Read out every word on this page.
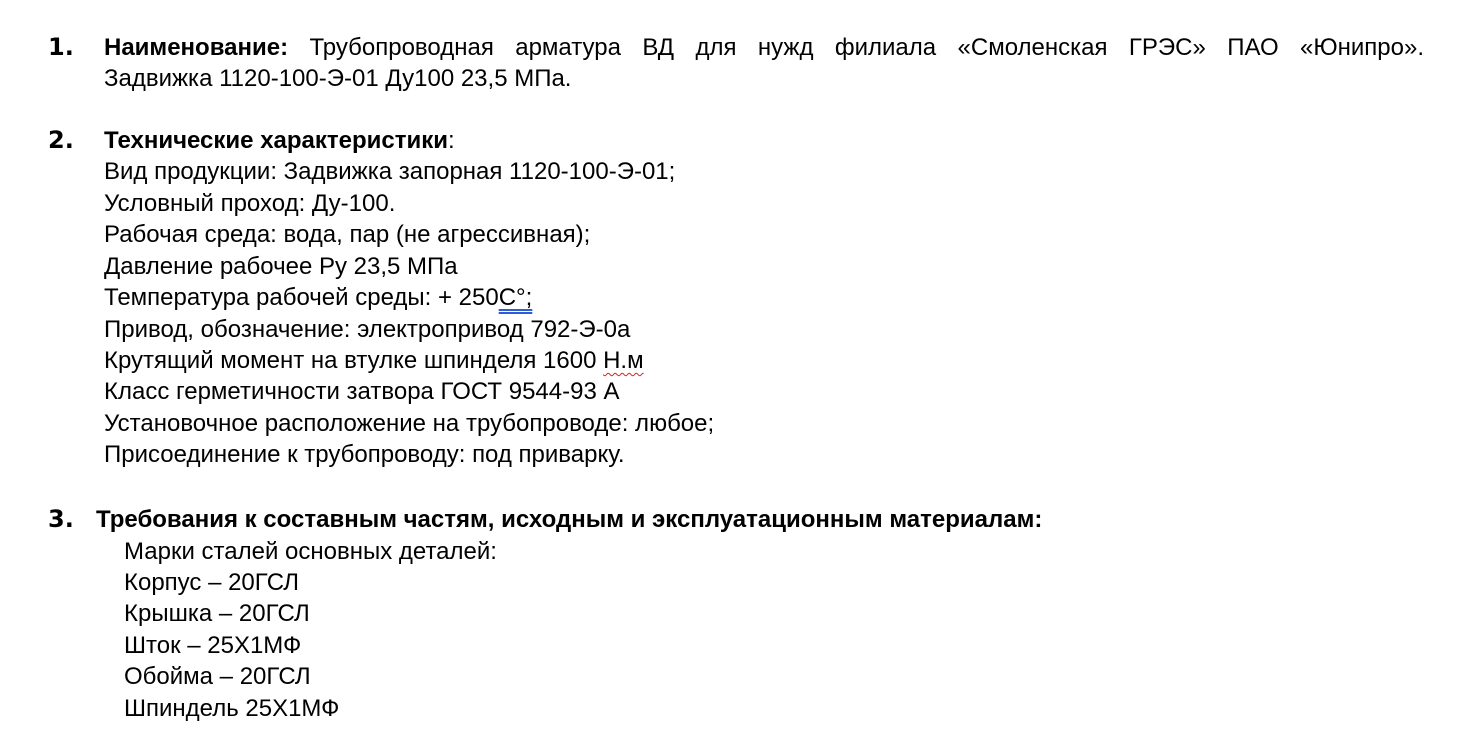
1. Наименование: Трубопроводная арматура ВД для нужд филиала «Смоленская ГРЭС» ПАО «Юнипро».
Задвижка 1120-100-Э-01 Ду100 23,5 МПа.
2. Технические характеристики:
Вид продукции: Задвижка запорная 1120-100-Э-01;
Условный проход: Ду-100.
Рабочая среда: вода, пар (не агрессивная);
Давление рабочее Ру 23,5 МПа
Температура рабочей среды: + 250С°;
Привод, обозначение: электропривод 792-Э-0а
Крутящий момент на втулке шпинделя 1600 Н.м
Класс герметичности затвора ГОСТ 9544-93 А
Установочное расположение на трубопроводе: любое;
Присоединение к трубопроводу: под приварку.
3. Требования к составным частям, исходным и эксплуатационным материалам:
Марки сталей основных деталей:
Корпус – 20ГСЛ
Крышка – 20ГСЛ
Шток – 25Х1МФ
Обойма – 20ГСЛ
Шпиндель 25Х1МФ
